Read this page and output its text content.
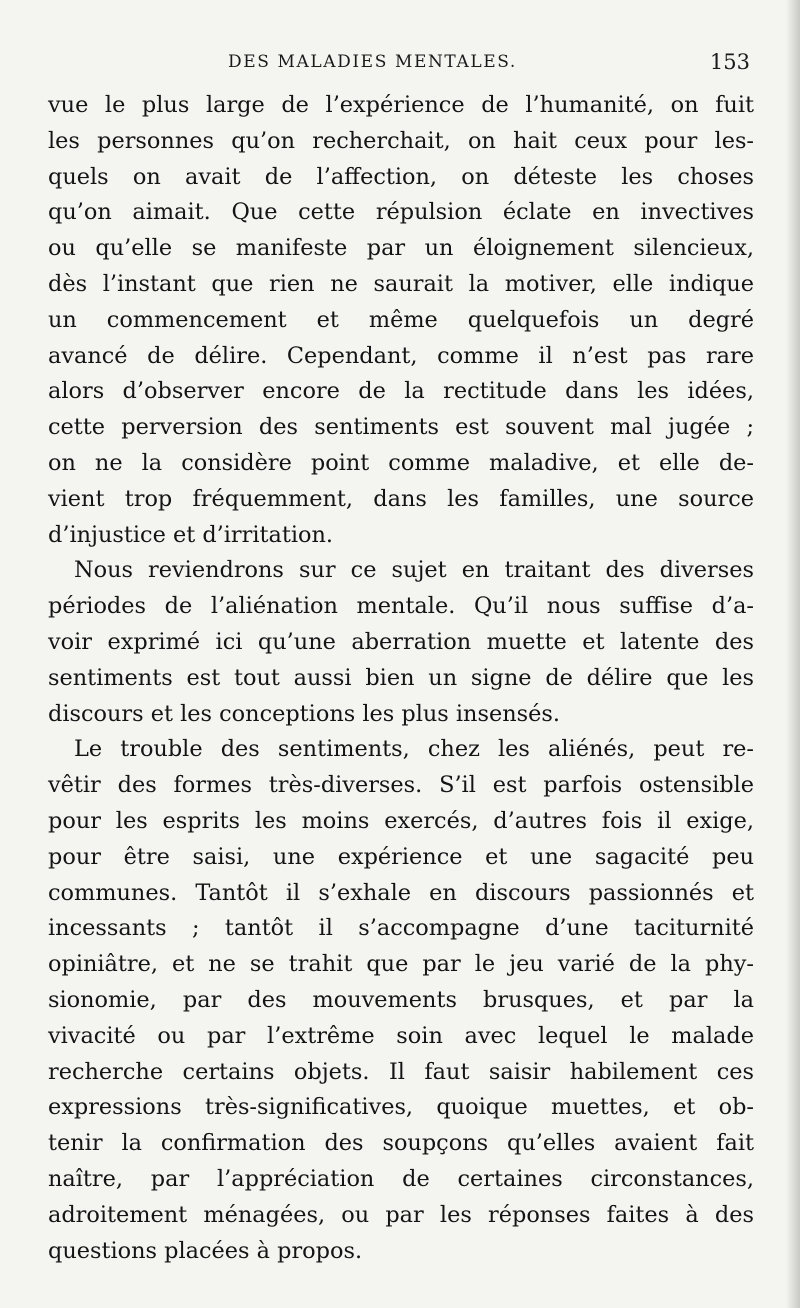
DES MALADIES MENTALES.	153
vue le plus large de l’expérience de l’humanité, on fuit
les personnes qu’on recherchait, on hait ceux pour les-
quels on avait de l’affection, on déteste les choses
qu’on aimait. Que cette répulsion éclate en invectives
ou qu’elle se manifeste par un éloignement silencieux,
dès l’instant que rien ne saurait la motiver, elle indique
un commencement et même quelquefois un degré
avancé de délire. Cependant, comme il n’est pas rare
alors d’observer encore de la rectitude dans les idées,
cette perversion des sentiments est souvent mal jugée ;
on ne la considère point comme maladive, et elle de-
vient trop fréquemment, dans les familles, une source
d’injustice et d’irritation.
Nous reviendrons sur ce sujet en traitant des diverses
périodes de l’aliénation mentale. Qu’il nous suffise d’a-
voir exprimé ici qu’une aberration muette et latente des
sentiments est tout aussi bien un signe de délire que les
discours et les conceptions les plus insensés.
Le trouble des sentiments, chez les aliénés, peut re-
vêtir des formes très-diverses. S’il est parfois ostensible
pour les esprits les moins exercés, d’autres fois il exige,
pour être saisi, une expérience et une sagacité peu
communes. Tantôt il s’exhale en discours passionnés et
incessants ; tantôt il s’accompagne d’une taciturnité
opiniâtre, et ne se trahit que par le jeu varié de la phy-
sionomie, par des mouvements brusques, et par la
vivacité ou par l’extrême soin avec lequel le malade
recherche certains objets. Il faut saisir habilement ces
expressions très-significatives, quoique muettes, et ob-
tenir la confirmation des soupçons qu’elles avaient fait
naître, par l’appréciation de certaines circonstances,
adroitement ménagées, ou par les réponses faites à des
questions placées à propos.
